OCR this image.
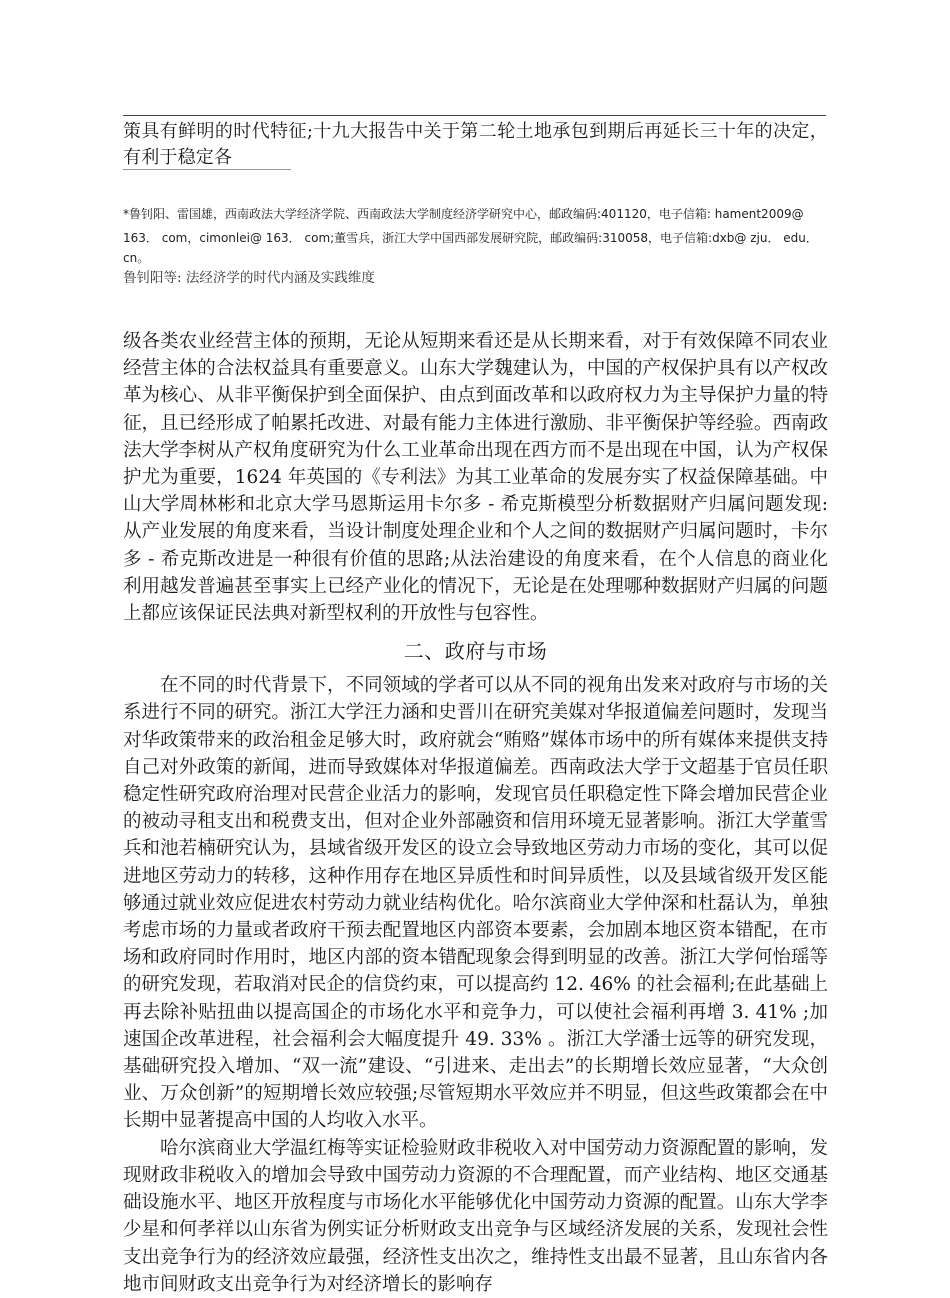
策具有鲜明的时代特征;十九大报告中关于第二轮土地承包到期后再延长三十年的决定，有利于稳定各

*鲁钊阳、雷国雄，西南政法大学经济学院、西南政法大学制度经济学研究中心，邮政编码:401120，电子信箱: hament2009@

163． com，cimonlei@ 163． com;董雪兵，浙江大学中国西部发展研究院，邮政编码:310058，电子信箱:dxb@ zju． edu． cn。

鲁钊阳等: 法经济学的时代内涵及实践维度

级各类农业经营主体的预期，无论从短期来看还是从长期来看，对于有效保障不同农业经营主体的合法权益具有重要意义。山东大学魏建认为，中国的产权保护具有以产权改革为核心、从非平衡保护到全面保护、由点到面改革和以政府权力为主导保护力量的特征，且已经形成了帕累托改进、对最有能力主体进行激励、非平衡保护等经验。西南政法大学李树从产权角度研究为什么工业革命出现在西方而不是出现在中国，认为产权保护尤为重要，1624 年英国的《专利法》为其工业革命的发展夯实了权益保障基础。中山大学周林彬和北京大学马恩斯运用卡尔多 - 希克斯模型分析数据财产归属问题发现:从产业发展的角度来看，当设计制度处理企业和个人之间的数据财产归属问题时，卡尔多 - 希克斯改进是一种很有价值的思路;从法治建设的角度来看，在个人信息的商业化利用越发普遍甚至事实上已经产业化的情况下，无论是在处理哪种数据财产归属的问题上都应该保证民法典对新型权利的开放性与包容性。

二、政府与市场

在不同的时代背景下，不同领域的学者可以从不同的视角出发来对政府与市场的关系进行不同的研究。浙江大学汪力涵和史晋川在研究美媒对华报道偏差问题时，发现当对华政策带来的政治租金足够大时，政府就会“贿赂”媒体市场中的所有媒体来提供支持自己对外政策的新闻，进而导致媒体对华报道偏差。西南政法大学于文超基于官员任职稳定性研究政府治理对民营企业活力的影响，发现官员任职稳定性下降会增加民营企业的被动寻租支出和税费支出，但对企业外部融资和信用环境无显著影响。浙江大学董雪兵和池若楠研究认为，县域省级开发区的设立会导致地区劳动力市场的变化，其可以促进地区劳动力的转移，这种作用存在地区异质性和时间异质性，以及县域省级开发区能够通过就业效应促进农村劳动力就业结构优化。哈尔滨商业大学仲深和杜磊认为，单独考虑市场的力量或者政府干预去配置地区内部资本要素，会加剧本地区资本错配，在市场和政府同时作用时，地区内部的资本错配现象会得到明显的改善。浙江大学何怡瑶等的研究发现，若取消对民企的信贷约束，可以提高约 12. 46% 的社会福利;在此基础上再去除补贴扭曲以提高国企的市场化水平和竞争力，可以使社会福利再增 3. 41% ;加速国企改革进程，社会福利会大幅度提升 49. 33% 。浙江大学潘士远等的研究发现，基础研究投入增加、“双一流”建设、“引进来、走出去”的长期增长效应显著，“大众创业、万众创新”的短期增长效应较强;尽管短期水平效应并不明显，但这些政策都会在中长期中显著提高中国的人均收入水平。

哈尔滨商业大学温红梅等实证检验财政非税收入对中国劳动力资源配置的影响，发现财政非税收入的增加会导致中国劳动力资源的不合理配置，而产业结构、地区交通基础设施水平、地区开放程度与市场化水平能够优化中国劳动力资源的配置。山东大学李少星和何孝祥以山东省为例实证分析财政支出竞争与区域经济发展的关系，发现社会性支出竞争行为的经济效应最强，经济性支出次之，维持性支出最不显著，且山东省内各地市间财政支出竞争行为对经济增长的影响存
